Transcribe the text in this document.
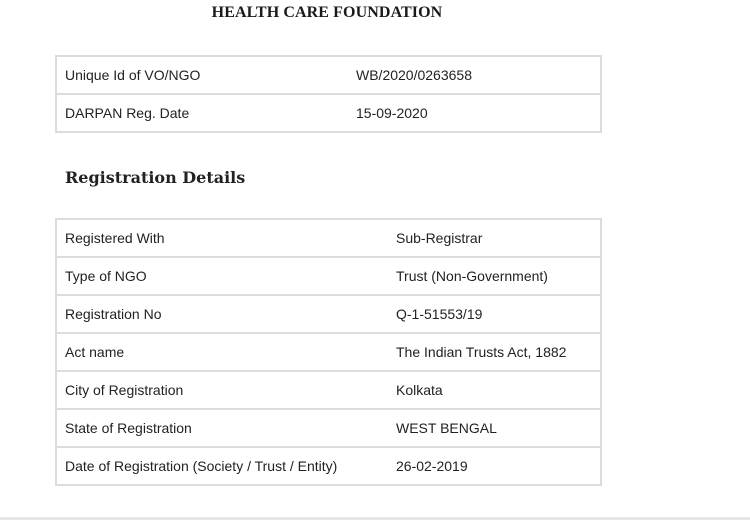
HEALTH CARE FOUNDATION
Unique Id of VO/NGO	WB/2020/0263658
DARPAN Reg. Date	15-09-2020
Registration Details
Registered With	Sub-Registrar
Type of NGO	Trust (Non-Government)
Registration No	Q-1-51553/19
Act name	The Indian Trusts Act, 1882
City of Registration	Kolkata
State of Registration	WEST BENGAL
Date of Registration (Society / Trust / Entity)	26-02-2019
